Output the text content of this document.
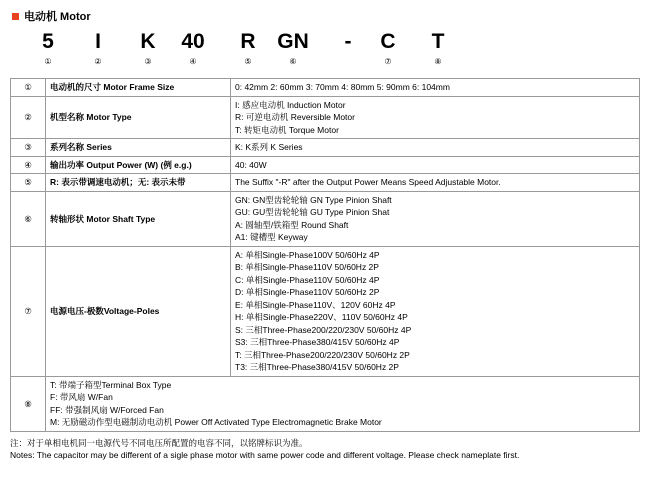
电动机 Motor
5
①
I
②
K
③
40
④
R
⑤
GN
⑥
-	C
⑦
T
⑧
①	电动机的尺寸 Motor Frame Size	0: 42mm 2: 60mm 3: 70mm 4: 80mm 5: 90mm 6: 104mm

②	机型名称 Motor Type	I: 感应电动机 Induction Motor
R: 可逆电动机 Reversible Motor
T: 转矩电动机 Torque Motor

③	系列名称 Series	K: K系列 K Series

④	输出功率 Output Power (W) (例 e.g.)	40: 40W

⑤	R: 表示带调速电动机；无: 表示未带	The Suffix "-R" after the Output Power Means Speed Adjustable Motor.

⑥	转轴形状 Motor Shaft Type	GN: GN型齿轮轮轴 GN Type Pinion Shaft
GU: GU型齿轮轮轴 GU Type Pinion Shat
A: 圆轴型/铁箱型 Round Shaft
A1: 键槽型 Keyway

⑦	电源电压-极数Voltage-Poles	
A: 单相Single-Phase100V 50/60Hz 4P
B: 单相Single-Phase110V 50/60Hz 2P
C: 单相Single-Phase110V 50/60Hz 4P
D: 单相Single-Phase110V 50/60Hz 2P
E: 单相Single-Phase110V、120V 60Hz 4P
H: 单相Single-Phase220V、110V 50/60Hz 4P
S: 三相Three-Phase200/220/230V 50/60Hz 4P
S3: 三相Three-Phase380/415V 50/60Hz 4P
T: 三相Three-Phase200/220/230V 50/60Hz 2P
T3: 三相Three-Phase380/415V 50/60Hz 2P

⑧	T: 带端子箱型Terminal Box Type
F: 带风扇 W/Fan
FF: 带强制风扇 W/Forced Fan
M: 无励磁动作型电磁制动电动机 Power Off Activated Type Electromagnetic Brake Motor	
注：对于单相电机同一电源代号不同电压所配置的电容不同，以铭牌标识为准。
Notes: The capacitor may be different of a sigle phase motor with same power code and different voltage. Please check nameplate first.
